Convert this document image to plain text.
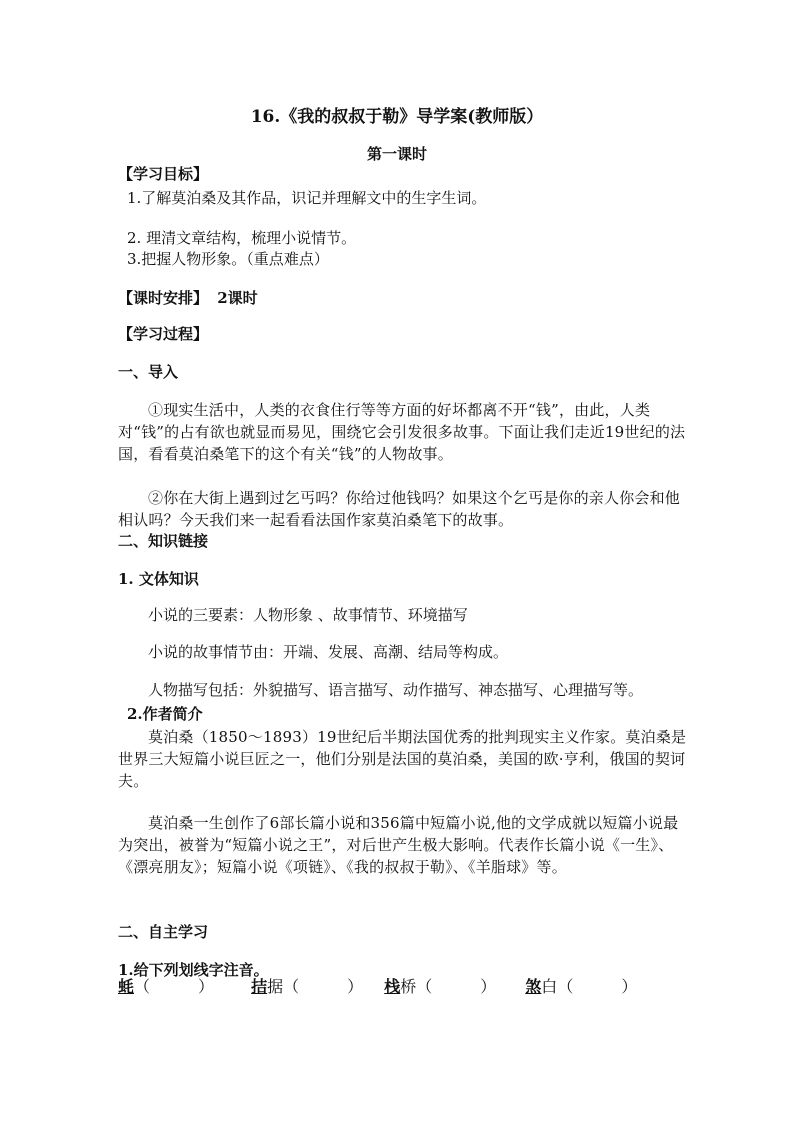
16.《我的叔叔于勒》导学案(教师版）
第一课时
【学习目标】
1.了解莫泊桑及其作品，识记并理解文中的生字生词。
2. 理清文章结构，梳理小说情节。
3.把握人物形象。（重点难点）
【课时安排】 2课时
【学习过程】
一、导入
①现实生活中，人类的衣食住行等等方面的好坏都离不开“钱”，由此，人类对“钱”的占有欲也就显而易见，围绕它会引发很多故事。下面让我们走近19世纪的法国，看看莫泊桑笔下的这个有关“钱”的人物故事。
②你在大街上遇到过乞丐吗？你给过他钱吗？如果这个乞丐是你的亲人你会和他相认吗？今天我们来一起看看法国作家莫泊桑笔下的故事。
二、知识链接
1. 文体知识
小说的三要素：人物形象 、故事情节、环境描写
小说的故事情节由：开端、发展、高潮、结局等构成。
人物描写包括：外貌描写、语言描写、动作描写、神态描写、心理描写等。
2.作者简介
莫泊桑（1850～1893）19世纪后半期法国优秀的批判现实主义作家。莫泊桑是世界三大短篇小说巨匠之一，他们分别是法国的莫泊桑，美国的欧·亨利，俄国的契诃夫。
莫泊桑一生创作了6部长篇小说和356篇中短篇小说,他的文学成就以短篇小说最为突出，被誉为“短篇小说之王”，对后世产生极大影响。代表作长篇小说《一生》、《漂亮朋友》；短篇小说《项链》、《我的叔叔于勒》、《羊脂球》等。
二、自主学习
1.给下列划线字注音。
蚝（　　　） 拮据（　　　） 栈桥（　　　） 煞白（　　　）
